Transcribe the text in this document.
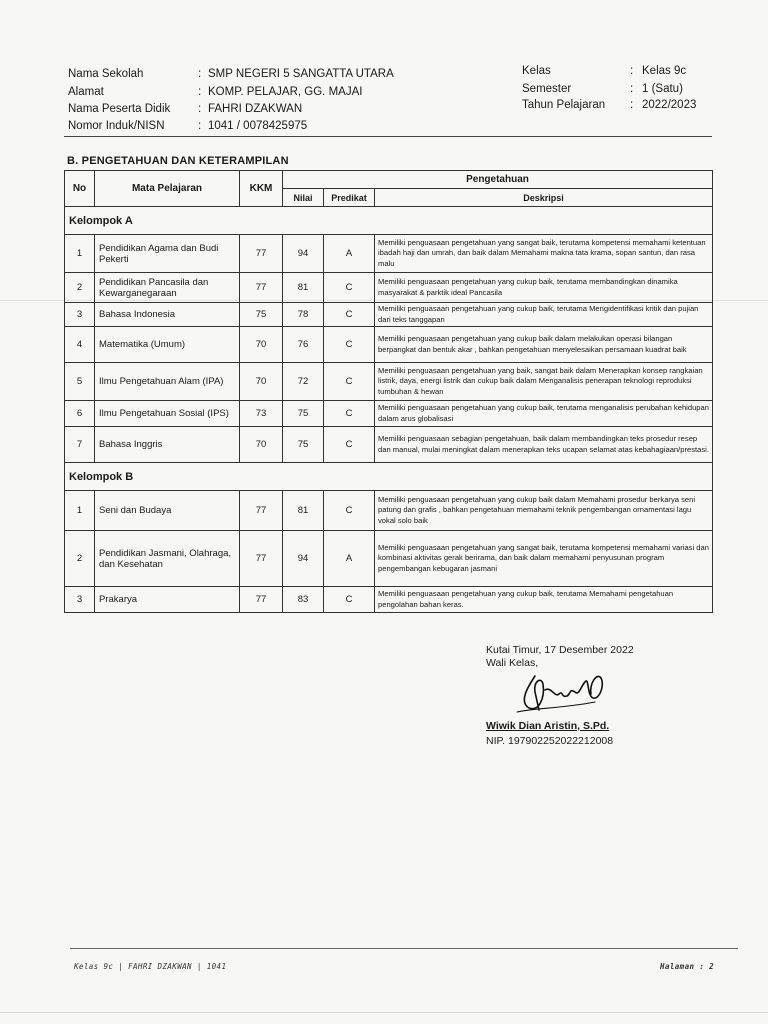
Nama Sekolah	: SMP NEGERI 5 SANGATTA UTARA
Alamat	: KOMP. PELAJAR, GG. MAJAI
Nama Peserta Didik : FAHRI DZAKWAN
Nomor Induk/NISN	: 1041 / 0078425975
Kelas	: Kelas 9c
Semester	: 1 (Satu)
Tahun Pelajaran : 2022/2023
B. PENGETAHUAN DAN KETERAMPILAN
No	Mata Pelajaran	KKM	Pengetahuan		
			Nilai	Predikat	Deskripsi
Kelompok A					
1	Pendidikan Agama dan Budi Pekerti	77	94	A	Memiliki penguasaan pengetahuan yang sangat baik, terutama kompetensi memahami ketentuan ibadah haji dan umrah, dan baik dalam Memahami makna tata krama, sopan santun, dan rasa malu
2	Pendidikan Pancasila dan Kewarganegaraan	77	81	C	Memiliki penguasaan pengetahuan yang cukup baik, terutama membandingkan dinamika masyarakat & parktik ideal Pancasila
3	Bahasa Indonesia	75	78	C	Memiliki penguasaan pengetahuan yang cukup baik, terutama Mengidentifikasi kritik dan pujian dari teks tanggapan
4	Matematika (Umum)	70	76	C	Memiliki penguasaan pengetahuan yang cukup baik dalam melakukan operasi bilangan berpangkat dan bentuk akar , bahkan pengetahuan menyelesaikan persamaan kuadrat baik
5	Ilmu Pengetahuan Alam (IPA)	70	72	C	Memiliki penguasaan pengetahuan yang baik, sangat baik dalam Menerapkan konsep rangkaian listrik, daya, energi listrik dan cukup baik dalam Menganalisis penerapan teknologi reproduksi tumbuhan & hewan
6	Ilmu Pengetahuan Sosial (IPS)	73	75	C	Memiliki penguasaan pengetahuan yang cukup baik, terutama menganalisis perubahan kehidupan dalam arus globalisasi
7	Bahasa Inggris	70	75	C	Memiliki penguasaan sebagian pengetahuan, baik dalam membandingkan teks prosedur resep dan manual, mulai meningkat dalam menerapkan teks ucapan selamat atas kebahagiaan/prestasi.
Kelompok B					
1	Seni dan Budaya	77	81	C	Memiliki penguasaan pengetahuan yang cukup baik dalam Memahami prosedur berkarya seni patung dan grafis , bahkan pengetahuan memahami teknik pengembangan ornamentasi lagu vokal solo baik
2	Pendidikan Jasmani, Olahraga, dan Kesehatan	77	94	A	Memiliki penguasaan pengetahuan yang sangat baik, terutama kompetensi memahami variasi dan kombinasi aktivitas gerak berirama, dan baik dalam memahami penyusunan program pengembangan kebugaran jasmani
3	Prakarya	77	83	C	Memiliki penguasaan pengetahuan yang cukup baik, terutama Memahami pengetahuan pengolahan bahan keras.
Kutai Timur, 17 Desember 2022
Wali Kelas,
Wiwik Dian Aristin, S.Pd.
NIP. 197902252022212008
Kelas 9c | FAHRI DZAKWAN | 1041	Halaman : 2
